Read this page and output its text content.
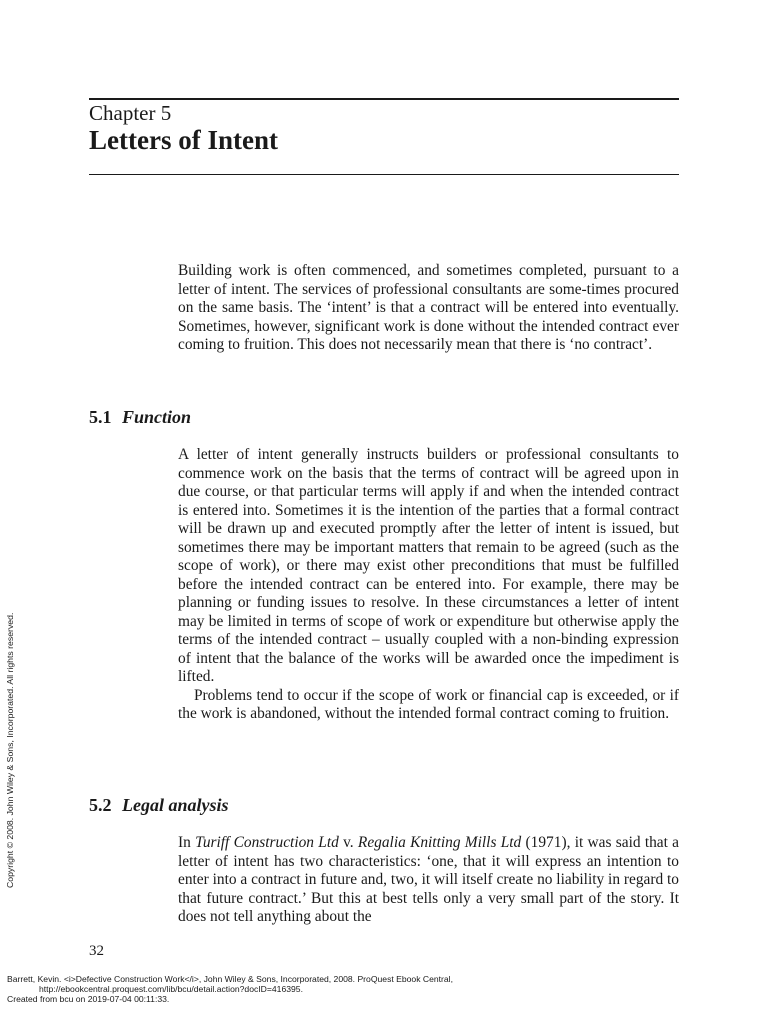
Chapter 5
Letters of Intent

Building work is often commenced, and sometimes completed, pursuant to a letter of intent. The services of professional consultants are some-times procured on the same basis. The ‘intent’ is that a contract will be entered into eventually. Sometimes, however, significant work is done without the intended contract ever coming to fruition. This does not necessarily mean that there is ‘no contract’.

5.1 Function

A letter of intent generally instructs builders or professional consultants to commence work on the basis that the terms of contract will be agreed upon in due course, or that particular terms will apply if and when the intended contract is entered into. Sometimes it is the intention of the parties that a formal contract will be drawn up and executed promptly after the letter of intent is issued, but sometimes there may be important matters that remain to be agreed (such as the scope of work), or there may exist other preconditions that must be fulfilled before the intended contract can be entered into. For example, there may be planning or funding issues to resolve. In these circumstances a letter of intent may be limited in terms of scope of work or expenditure but otherwise apply the terms of the intended contract – usually coupled with a non-binding expression of intent that the balance of the works will be awarded once the impediment is lifted.

Problems tend to occur if the scope of work or financial cap is exceeded, or if the work is abandoned, without the intended formal contract coming to fruition.

5.2 Legal analysis

In Turiff Construction Ltd v. Regalia Knitting Mills Ltd (1971), it was said that a letter of intent has two characteristics: ‘one, that it will express an intention to enter into a contract in future and, two, it will itself create no liability in regard to that future contract.’ But this at best tells only a very small part of the story. It does not tell anything about the

32
Copyright © 2008. John Wiley & Sons, Incorporated. All rights reserved.
Barrett, Kevin. <i>Defective Construction Work</i>, John Wiley & Sons, Incorporated, 2008. ProQuest Ebook Central,
http://ebookcentral.proquest.com/lib/bcu/detail.action?docID=416395.
Created from bcu on 2019-07-04 00:11:33.
